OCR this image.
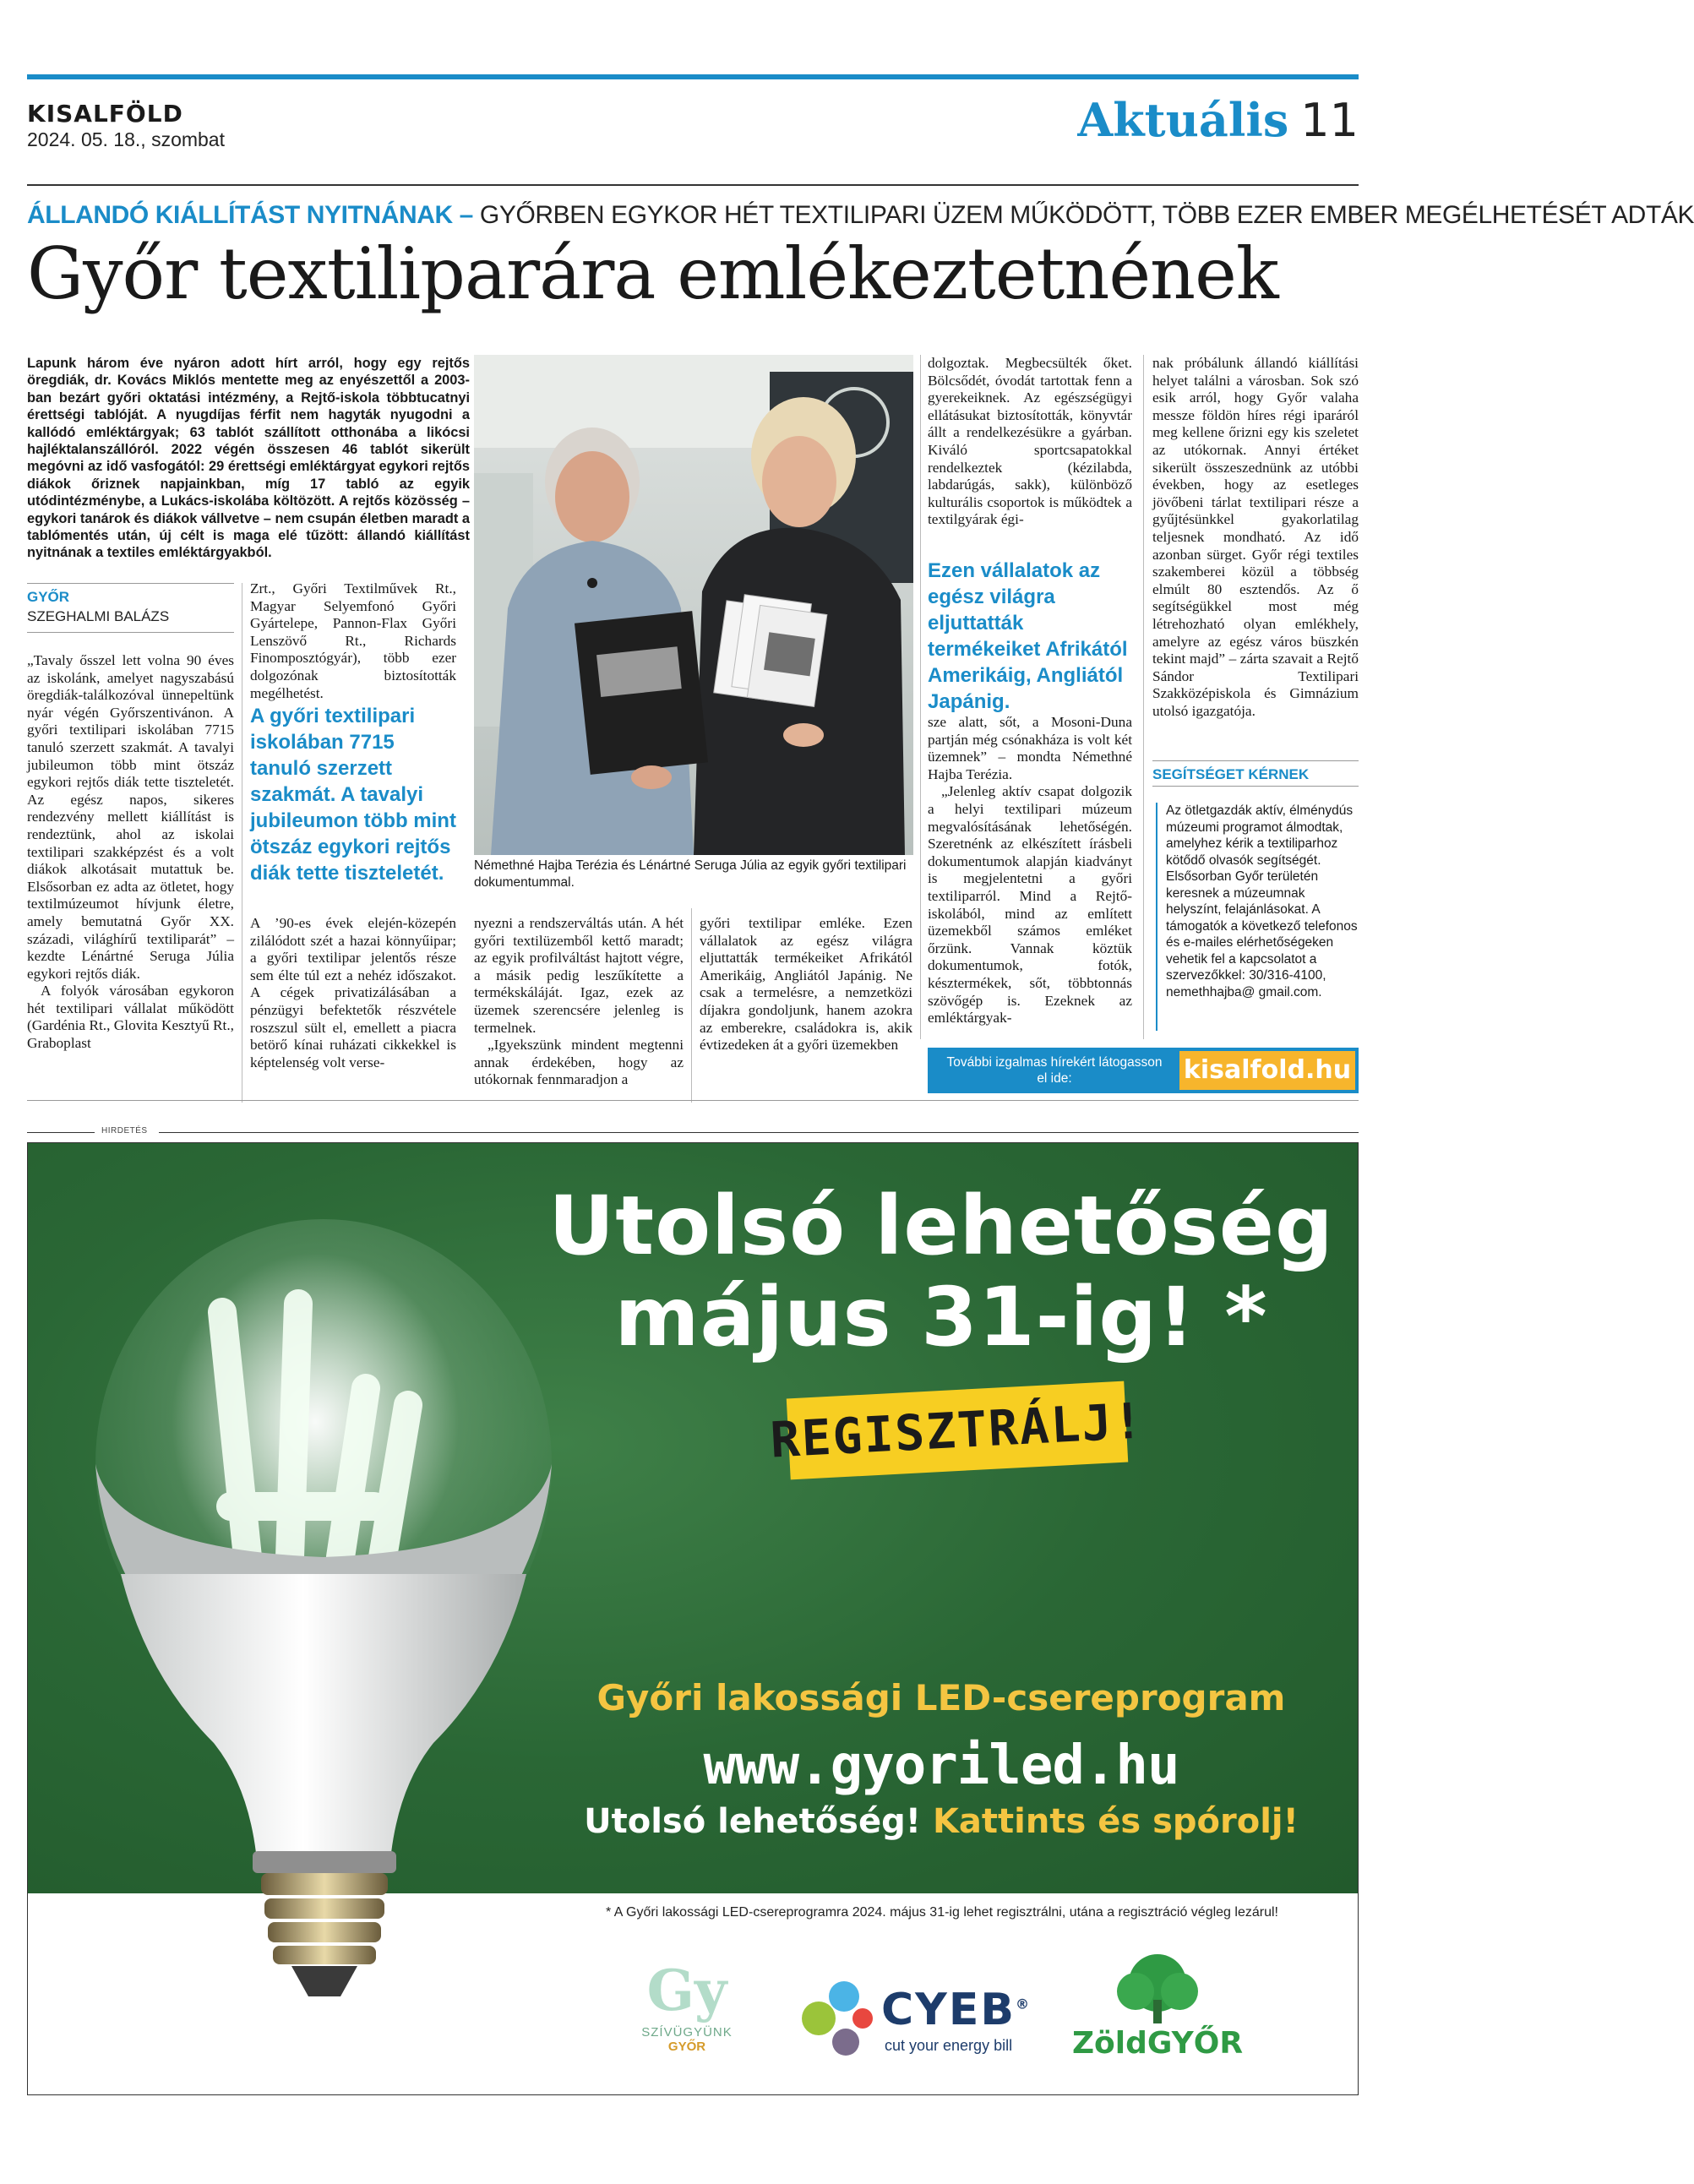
KISALFÖLD
2024. 05. 18., szombat	Aktuális 11
ÁLLANDÓ KIÁLLÍTÁST NYITNÁNAK – GYŐRBEN EGYKOR HÉT TEXTILIPARI ÜZEM MŰKÖDÖTT, TÖBB EZER EMBER MEGÉLHETÉSÉT ADTÁK
Győr textiliparára emlékeztetnének

Lapunk három éve nyáron adott hírt arról, hogy egy rejtős öregdiák, dr. Kovács Miklós mentette meg az enyészettől a 2003-ban bezárt győri oktatási intézmény, a Rejtő-iskola többtucatnyi érettségi tablóját. A nyugdíjas férfit nem hagyták nyugodni a kallódó emléktárgyak; 63 tablót szállított otthonába a likócsi hajléktalanszállóról. 2022 végén összesen 46 tablót sikerült megóvni az idő vasfogától: 29 érettségi emléktárgyat egykori rejtős diákok őriznek napjainkban, míg 17 tabló az egyik utódintézménybe, a Lukács-iskolába költözött. A rejtős közösség – egykori tanárok és diákok vállvetve – nem csupán életben maradt a tablómentés után, új célt is maga elé tűzött: állandó kiállítást nyitnának a textiles emléktárgyakból.

GYŐR
SZEGHALMI BALÁZS

„Tavaly ősszel lett volna 90 éves az iskolánk, amelyet nagyszabású öregdiák-találkozóval ünnepeltünk nyár végén Győrszentivánon. A győri textilipari iskolában 7715 tanuló szerzett szakmát. A tavalyi jubileumon több mint ötszáz egykori rejtős diák tette tiszteletét. Az egész napos, sikeres rendezvény mellett kiállítást is rendeztünk, ahol az iskolai textilipari szakképzést és a volt diákok alkotásait mutattuk be. Elsősorban ez adta az ötletet, hogy textilmúzeumot hívjunk életre, amely bemutatná Győr XX. századi, világhírű textiliparát” – kezdte Lénártné Seruga Júlia egykori rejtős diák.

A folyók városában egykoron hét textilipari vállalat működött (Gardénia Rt., Glovita Kesztyű Rt., Graboplast

Zrt., Győri Textilművek Rt., Magyar Selyemfonó Győri Gyártelepe, Pannon-Flax Győri Lenszövő Rt., Richards Finomposztógyár), több ezer dolgozónak biztosították megélhetést.

A győri textilipari iskolában 7715 tanuló szerzett szakmát. A tavalyi jubileumon több mint ötszáz egykori rejtős diák tette tiszteletét.

A ’90-es évek elején-közepén zilálódott szét a hazai könnyűipar; a győri textilipar jelentős része sem élte túl ezt a nehéz időszakot. A cégek privatizálásában a pénzügyi befektetők részvétele roszszul sült el, emellett a piacra betörő kínai ruházati cikkekkel is képtelenség volt verse-

Némethné Hajba Terézia és Lénártné Seruga Júlia az egyik győri textilipari dokumentummal.

nyezni a rendszerváltás után. A hét győri textilüzemből kettő maradt; az egyik profilváltást hajtott végre, a másik pedig leszűkítette a termékskáláját. Igaz, ezek az üzemek szerencsére jelenleg is termelnek.

„Igyekszünk mindent megtenni annak érdekében, hogy az utókornak fennmaradjon a

győri textilipar emléke. Ezen vállalatok az egész világra eljuttatták termékeiket Afrikától Amerikáig, Angliától Japánig. Ne csak a termelésre, a nemzetközi díjakra gondoljunk, hanem azokra az emberekre, családokra is, akik évtizedeken át a győri üzemekben

dolgoztak. Megbecsülték őket. Bölcsődét, óvodát tartottak fenn a gyerekeiknek. Az egészségügyi ellátásukat biztosították, könyvtár állt a rendelkezésükre a gyárban. Kiváló sportcsapatokkal rendelkeztek (kézilabda, labdarúgás, sakk), különböző kulturális csoportok is működtek a textilgyárak égi-

Ezen vállalatok az egész világra eljuttatták termékeiket Afrikától Amerikáig, Angliától Japánig.

sze alatt, sőt, a Mosoni-Duna partján még csónakháza is volt két üzemnek” – mondta Némethné Hajba Terézia.

„Jelenleg aktív csapat dolgozik a helyi textilipari múzeum megvalósításának lehetőségén. Szeretnénk az elkészített írásbeli dokumentumok alapján kiadványt is megjelentetni a győri textiliparról. Mind a Rejtő-iskolából, mind az említett üzemekből számos emléket őrzünk. Vannak köztük dokumentumok, fotók, késztermékek, sőt, többtonnás szövőgép is. Ezeknek az emléktárgyak-

nak próbálunk állandó kiállítási helyet találni a városban. Sok szó esik arról, hogy Győr valaha messze földön híres régi iparáról meg kellene őrizni egy kis szeletet az utókornak. Annyi értéket sikerült összeszednünk az utóbbi években, hogy az esetleges jövőbeni tárlat textilipari része a gyűjtésünkkel gyakorlatilag teljesnek mondható. Az idő azonban sürget. Győr régi textiles szakemberei közül a többség elmúlt 80 esztendős. Az ő segítségükkel most még létrehozható olyan emlékhely, amelyre az egész város büszkén tekint majd” – zárta szavait a Rejtő Sándor Textilipari Szakközépiskola és Gimnázium utolsó igazgatója.

SEGÍTSÉGET KÉRNEK
Az ötletgazdák aktív, élménydús múzeumi programot álmodtak, amelyhez kérik a textiliparhoz kötődő olvasók segítségét. Elsősorban Győr területén keresnek a múzeumnak helyszínt, felajánlásokat. A támogatók a következő telefonos és e-mailes elérhetőségeken vehetik fel a kapcsolatot a szervezőkkel: 30/316-4100, nemethhajba@ gmail.com.
További izgalmas hírekért látogasson el ide:	kisalfold.hu
HIRDETÉS
Utolsó lehetőség
május 31-ig! *
REGISZTRÁLJ!
Győri lakossági LED-csereprogram
www.gyoriled.hu
Utolsó lehetőség! Kattints és spórolj!
* A Győri lakossági LED-csereprogramra 2024. május 31-ig lehet regisztrálni, utána a regisztráció végleg lezárul!
Gy
SZÍVÜGYÜNK
GYŐR
CYEB®
cut your energy bill	ZöldGYŐR
